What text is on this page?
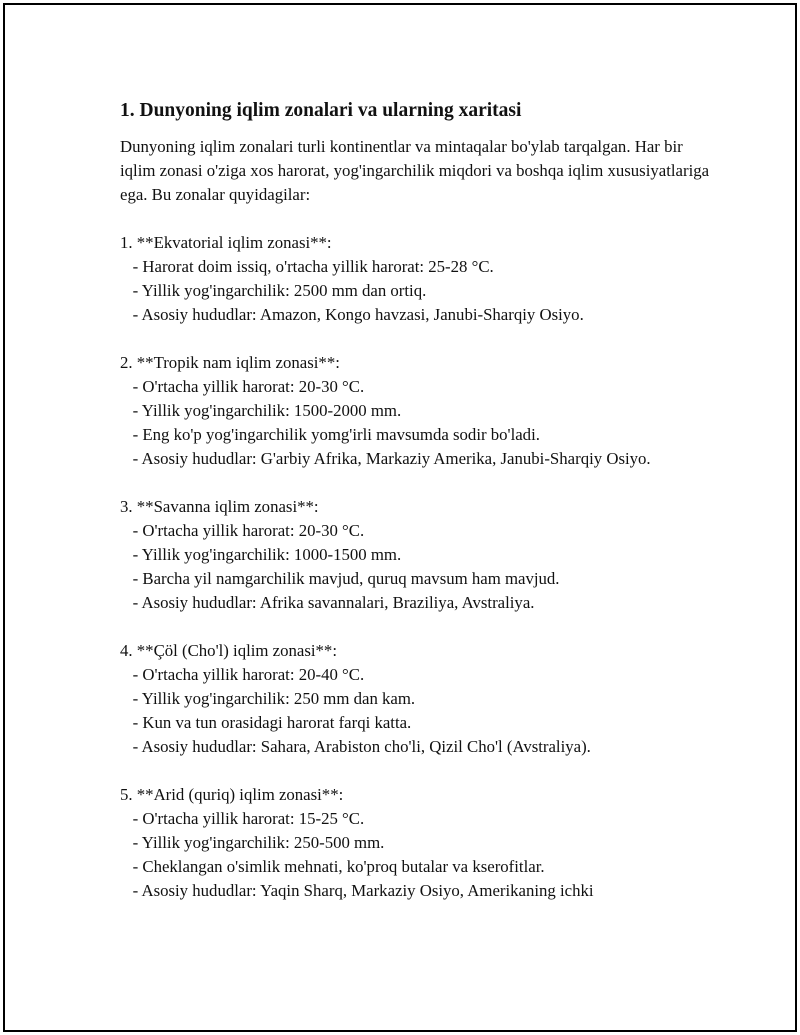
1. Dunyoning iqlim zonalari va ularning xaritasi

Dunyoning iqlim zonalari turli kontinentlar va mintaqalar bo'ylab tarqalgan. Har bir iqlim zonasi o'ziga xos harorat, yog'ingarchilik miqdori va boshqa iqlim xususiyatlariga ega. Bu zonalar quyidagilar:

1. **Ekvatorial iqlim zonasi**:
- Harorat doim issiq, o'rtacha yillik harorat: 25-28 °C.
- Yillik yog'ingarchilik: 2500 mm dan ortiq.
- Asosiy hududlar: Amazon, Kongo havzasi, Janubi-Sharqiy Osiyo.
2. **Tropik nam iqlim zonasi**:
- O'rtacha yillik harorat: 20-30 °C.
- Yillik yog'ingarchilik: 1500-2000 mm.
- Eng ko'p yog'ingarchilik yomg'irli mavsumda sodir bo'ladi.
- Asosiy hududlar: G'arbiy Afrika, Markaziy Amerika, Janubi-Sharqiy Osiyo.
3. **Savanna iqlim zonasi**:
- O'rtacha yillik harorat: 20-30 °C.
- Yillik yog'ingarchilik: 1000-1500 mm.
- Barcha yil namgarchilik mavjud, quruq mavsum ham mavjud.
- Asosiy hududlar: Afrika savannalari, Braziliya, Avstraliya.
4. **Çöl (Cho'l) iqlim zonasi**:
- O'rtacha yillik harorat: 20-40 °C.
- Yillik yog'ingarchilik: 250 mm dan kam.
- Kun va tun orasidagi harorat farqi katta.
- Asosiy hududlar: Sahara, Arabiston cho'li, Qizil Cho'l (Avstraliya).
5. **Arid (quriq) iqlim zonasi**:
- O'rtacha yillik harorat: 15-25 °C.
- Yillik yog'ingarchilik: 250-500 mm.
- Cheklangan o'simlik mehnati, ko'proq butalar va kserofitlar.
- Asosiy hududlar: Yaqin Sharq, Markaziy Osiyo, Amerikaning ichki
